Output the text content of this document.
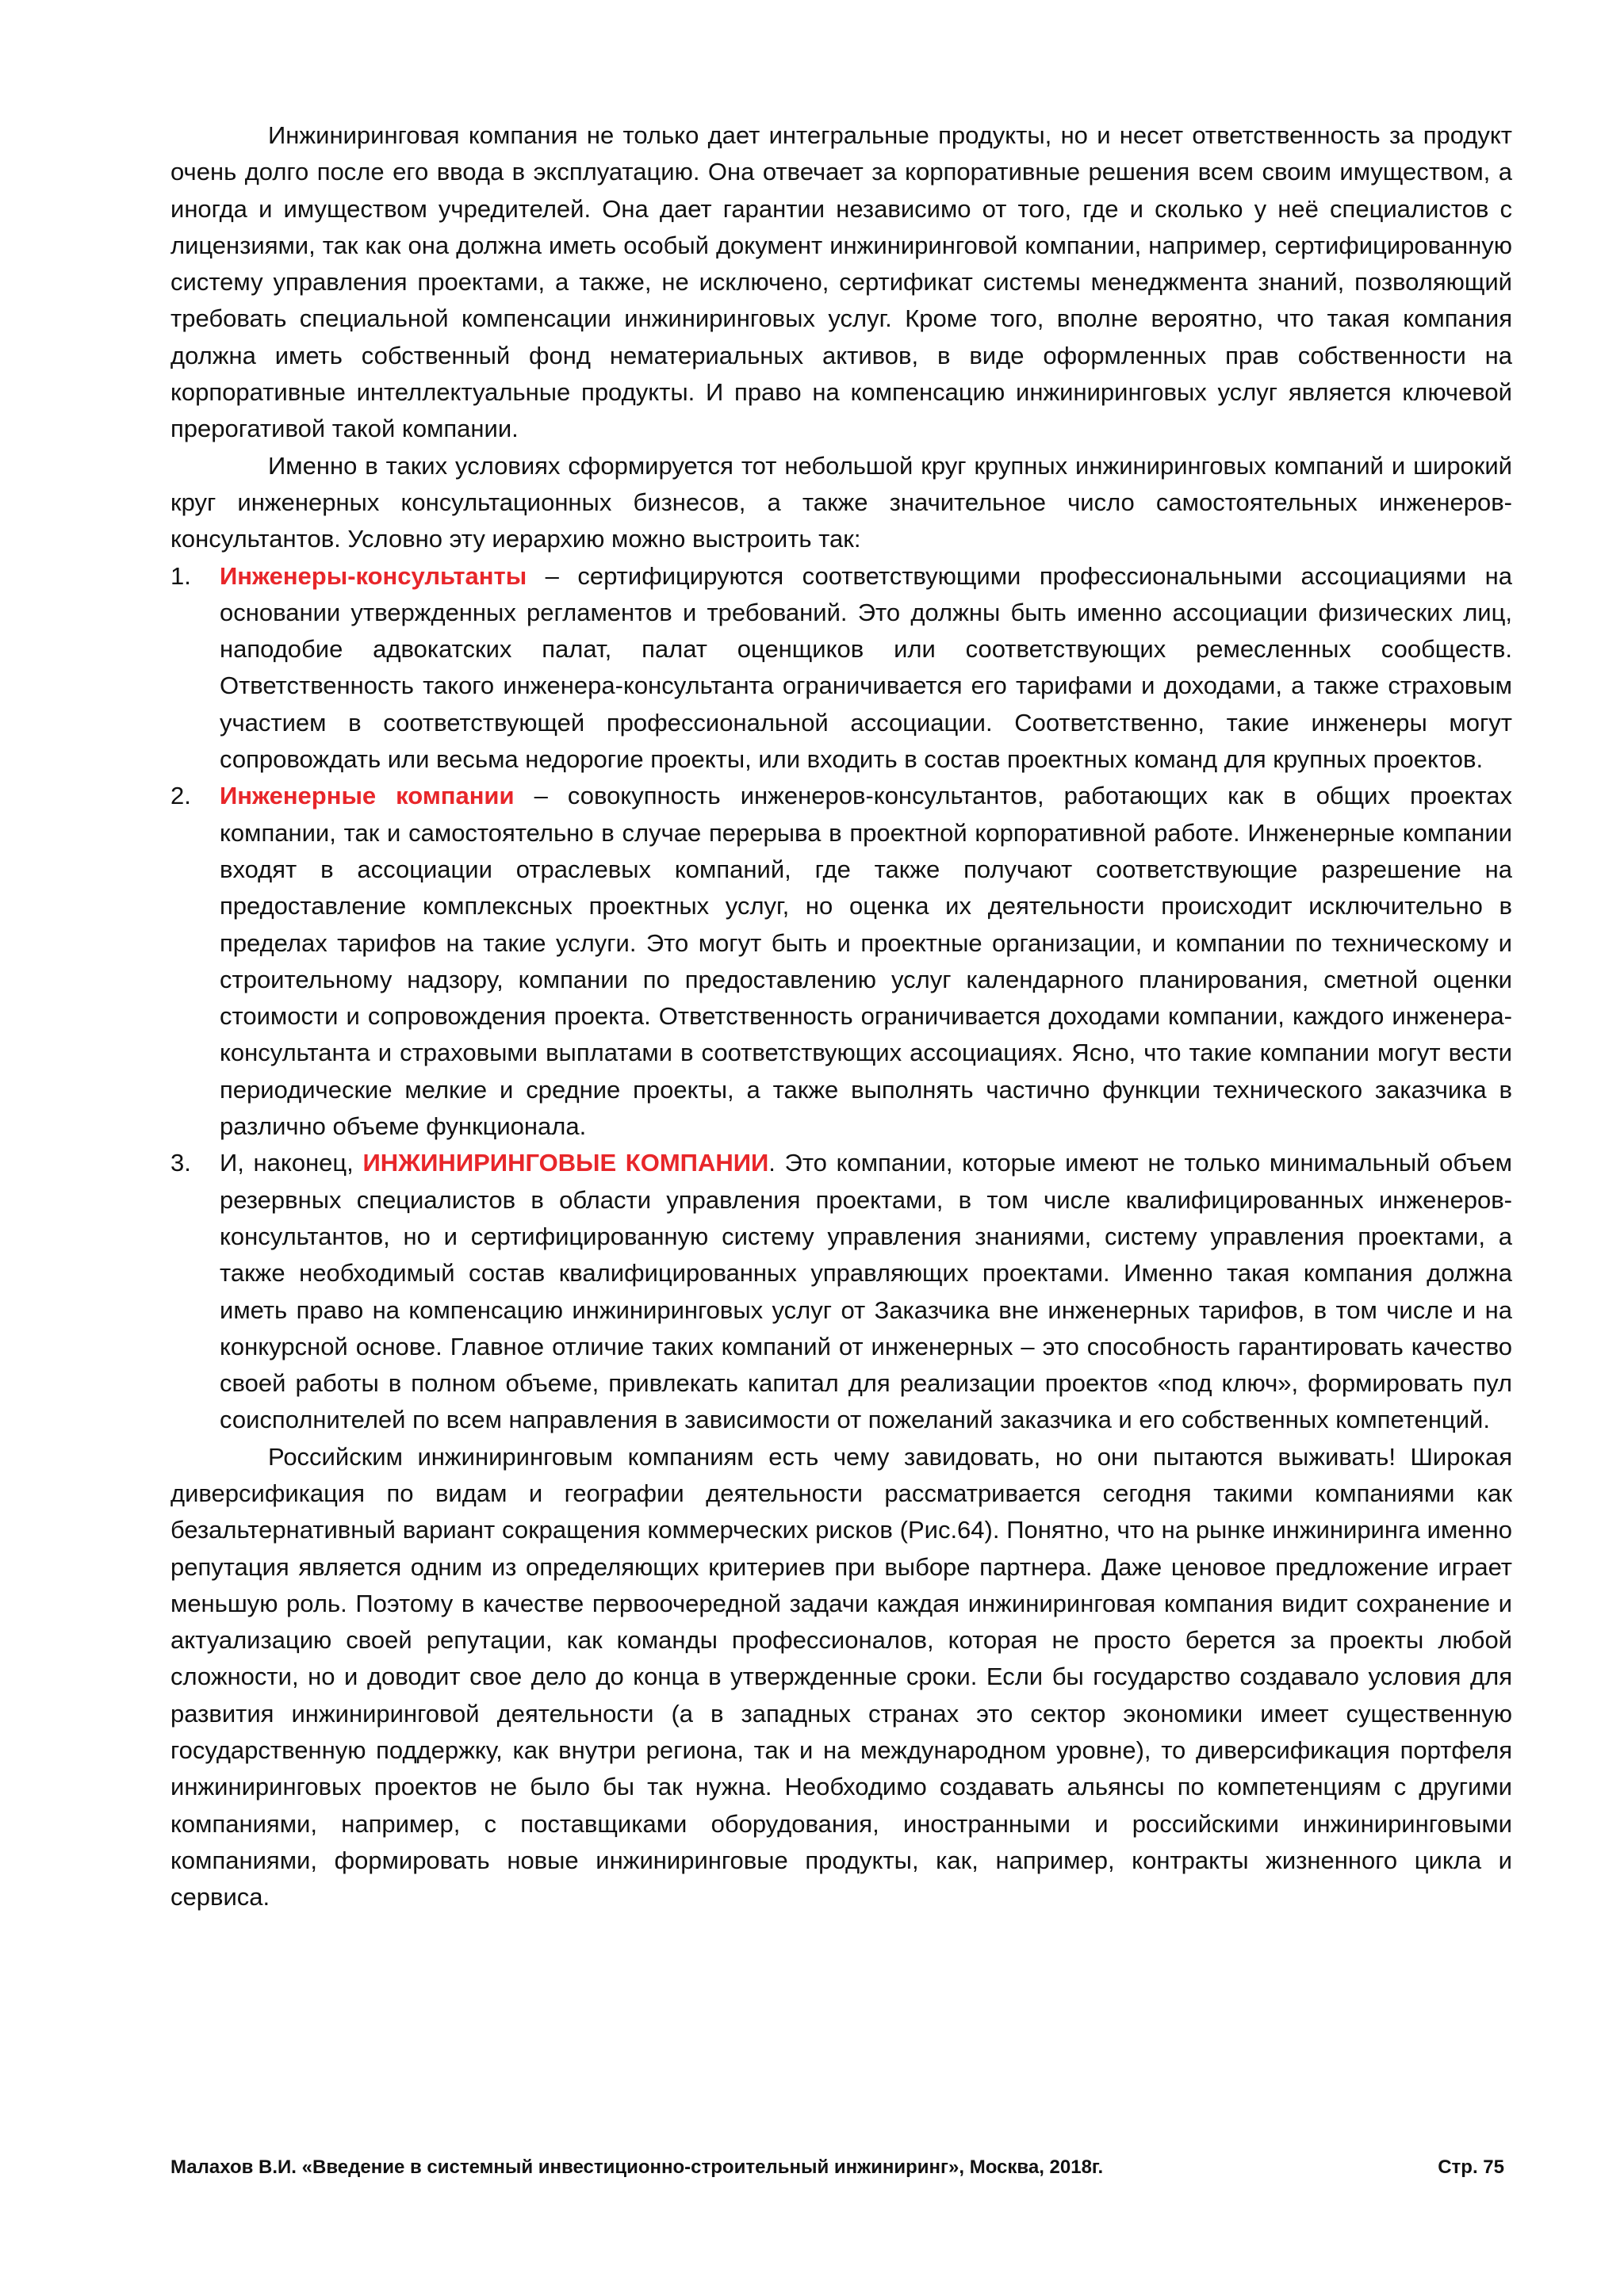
Инжиниринговая компания не только дает интегральные продукты, но и несет ответственность за продукт очень долго после его ввода в эксплуатацию. Она отвечает за корпоративные решения всем своим имуществом, а иногда и имуществом учредителей. Она дает гарантии независимо от того, где и сколько у неё специалистов с лицензиями, так как она должна иметь особый документ инжиниринговой компании, например, сертифицированную систему управления проектами, а также, не исключено, сертификат системы менеджмента знаний, позволяющий требовать специальной компенсации инжиниринговых услуг. Кроме того, вполне вероятно, что такая компания должна иметь собственный фонд нематериальных активов, в виде оформленных прав собственности на корпоративные интеллектуальные продукты. И право на компенсацию инжиниринговых услуг является ключевой прерогативой такой компании.

Именно в таких условиях сформируется тот небольшой круг крупных инжиниринговых компаний и широкий круг инженерных консультационных бизнесов, а также значительное число самостоятельных инженеров-консультантов. Условно эту иерархию можно выстроить так:

1. Инженеры-консультанты – сертифицируются соответствующими профессиональными ассоциациями на основании утвержденных регламентов и требований. Это должны быть именно ассоциации физических лиц, наподобие адвокатских палат, палат оценщиков или соответствующих ремесленных сообществ. Ответственность такого инженера-консультанта ограничивается его тарифами и доходами, а также страховым участием в соответствующей профессиональной ассоциации. Соответственно, такие инженеры могут сопровождать или весьма недорогие проекты, или входить в состав проектных команд для крупных проектов.
2. Инженерные компании – совокупность инженеров-консультантов, работающих как в общих проектах компании, так и самостоятельно в случае перерыва в проектной корпоративной работе. Инженерные компании входят в ассоциации отраслевых компаний, где также получают соответствующие разрешение на предоставление комплексных проектных услуг, но оценка их деятельности происходит исключительно в пределах тарифов на такие услуги. Это могут быть и проектные организации, и компании по техническому и строительному надзору, компании по предоставлению услуг календарного планирования, сметной оценки стоимости и сопровождения проекта. Ответственность ограничивается доходами компании, каждого инженера-консультанта и страховыми выплатами в соответствующих ассоциациях. Ясно, что такие компании могут вести периодические мелкие и средние проекты, а также выполнять частично функции технического заказчика в различно объеме функционала.
3. И, наконец, ИНЖИНИРИНГОВЫЕ КОМПАНИИ. Это компании, которые имеют не только минимальный объем резервных специалистов в области управления проектами, в том числе квалифицированных инженеров-консультантов, но и сертифицированную систему управления знаниями, систему управления проектами, а также необходимый состав квалифицированных управляющих проектами. Именно такая компания должна иметь право на компенсацию инжиниринговых услуг от Заказчика вне инженерных тарифов, в том числе и на конкурсной основе. Главное отличие таких компаний от инженерных – это способность гарантировать качество своей работы в полном объеме, привлекать капитал для реализации проектов «под ключ», формировать пул соисполнителей по всем направления в зависимости от пожеланий заказчика и его собственных компетенций.

Российским инжиниринговым компаниям есть чему завидовать, но они пытаются выживать! Широкая диверсификация по видам и географии деятельности рассматривается сегодня такими компаниями как безальтернативный вариант сокращения коммерческих рисков (Рис.64). Понятно, что на рынке инжиниринга именно репутация является одним из определяющих критериев при выборе партнера. Даже ценовое предложение играет меньшую роль. Поэтому в качестве первоочередной задачи каждая инжиниринговая компания видит сохранение и актуализацию своей репутации, как команды профессионалов, которая не просто берется за проекты любой сложности, но и доводит свое дело до конца в утвержденные сроки. Если бы государство создавало условия для развития инжиниринговой деятельности (а в западных странах это сектор экономики имеет существенную государственную поддержку, как внутри региона, так и на международном уровне), то диверсификация портфеля инжиниринговых проектов не было бы так нужна. Необходимо создавать альянсы по компетенциям с другими компаниями, например, с поставщиками оборудования, иностранными и российскими инжиниринговыми компаниями, формировать новые инжиниринговые продукты, как, например, контракты жизненного цикла и сервиса.

Малахов В.И. «Введение в системный инвестиционно-строительный инжиниринг», Москва, 2018г.	Стр. 75
